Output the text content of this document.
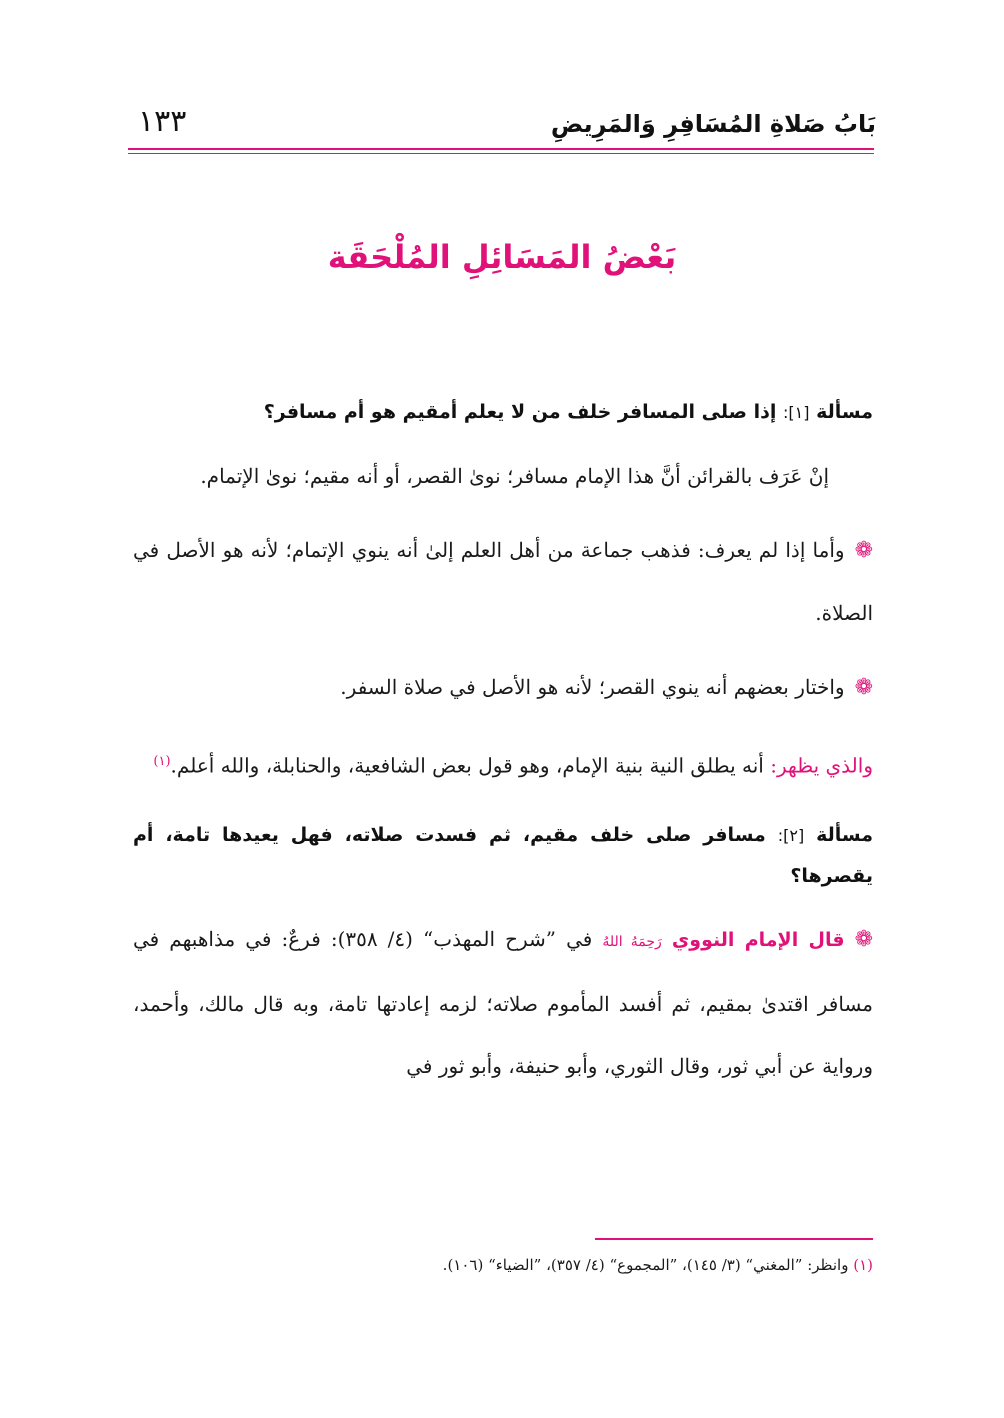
بَابُ صَلاةِ المُسَافِرِ وَالمَرِيضِ
١٣٣
بَعْضُ المَسَائِلِ المُلْحَقَة
مسألة [١]: إذا صلى المسافر خلف من لا يعلم أمقيم هو أم مسافر؟

إنْ عَرَف بالقرائن أنَّ هذا الإمام مسافر؛ نوىٰ القصر، أو أنه مقيم؛ نوىٰ الإتمام.

❁وأما إذا لم يعرف: فذهب جماعة من أهل العلم إلىٰ أنه ينوي الإتمام؛ لأنه هو الأصل في الصلاة.

❁واختار بعضهم أنه ينوي القصر؛ لأنه هو الأصل في صلاة السفر.

والذي يظهر: أنه يطلق النية بنية الإمام، وهو قول بعض الشافعية، والحنابلة، والله أعلم.$^{(١)}$

مسألة [٢]: مسافر صلى خلف مقيم، ثم فسدت صلاته، فهل يعيدها تامة، أم يقصرها؟

❁قال الإمام النووي رَحِمَهُ اللهُ في ”شرح المهذب“ (٤/ ٣٥٨): فرعٌ: في مذاهبهم في مسافر اقتدىٰ بمقيم، ثم أفسد المأموم صلاته؛ لزمه إعادتها تامة، وبه قال مالك، وأحمد، ورواية عن أبي ثور، وقال الثوري، وأبو حنيفة، وأبو ثور في

(١) وانظر: ”المغني“ (٣/ ١٤٥)، ”المجموع“ (٤/ ٣٥٧)، ”الضياء“ (١٠٦).
